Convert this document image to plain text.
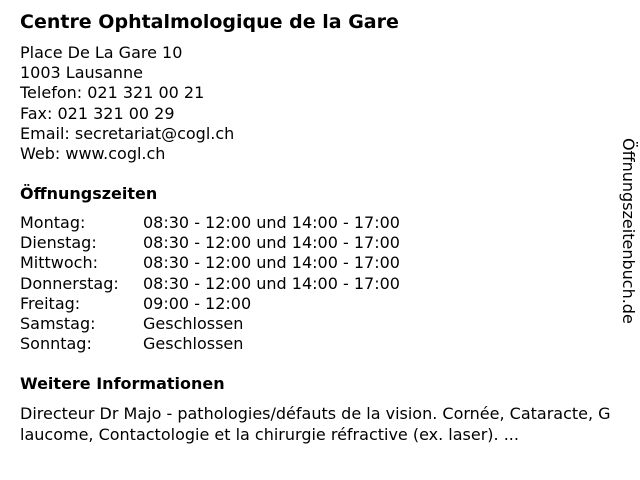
Centre Ophtalmologique de la Gare
Place De La Gare 10
1003 Lausanne
Telefon: 021 321 00 21
Fax: 021 321 00 29
Email: secretariat@cogl.ch
Web: www.cogl.ch
Öffnungszeiten
Montag:	08:30 - 12:00 und 14:00 - 17:00
Dienstag:	08:30 - 12:00 und 14:00 - 17:00
Mittwoch:	08:30 - 12:00 und 14:00 - 17:00
Donnerstag:	08:30 - 12:00 und 14:00 - 17:00
Freitag:	09:00 - 12:00
Samstag:	Geschlossen
Sonntag:	Geschlossen
Weitere Informationen
Directeur Dr Majo - pathologies/défauts de la vision. Cornée, Cataracte, Glaucome, Contactologie et la chirurgie réfractive (ex. laser). ...
Öffnungszeitenbuch.de
